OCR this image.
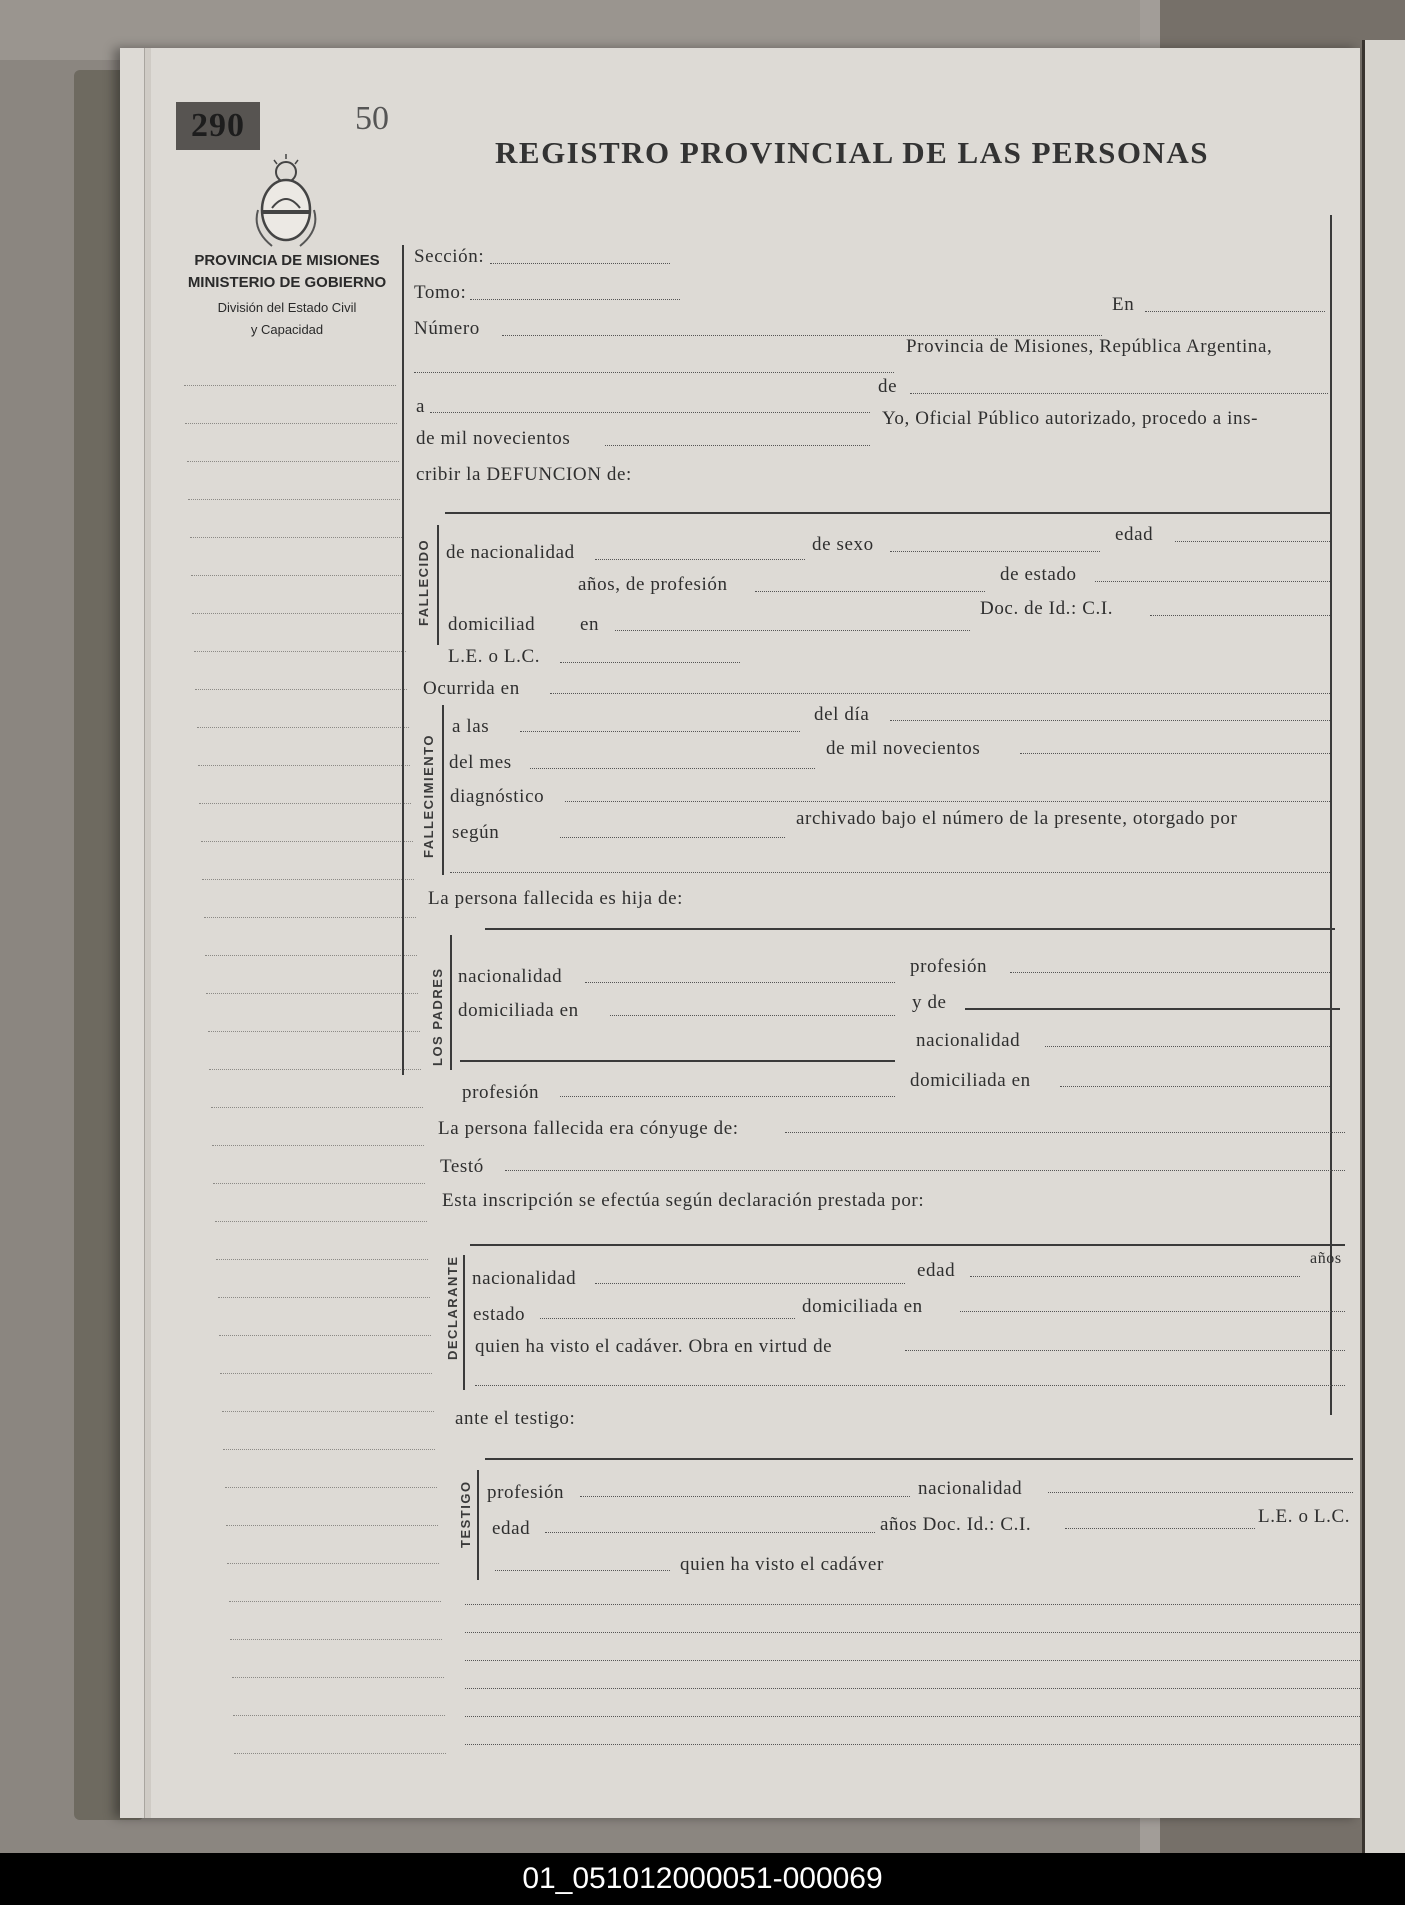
290	50
REGISTRO PROVINCIAL DE LAS PERSONAS
PROVINCIA DE MISIONES
MINISTERIO DE GOBIERNO
División del Estado Civil
y Capacidad
Sección:
Tomo:
En
Número
Provincia de Misiones, República Argentina,
a
de
de mil novecientos
Yo, Oficial Público autorizado, procedo a ins-
cribir la DEFUNCION de:
FALLECIDO de nacionalidad	de sexo	edad
años, de profesión	de estado
domiciliad en
Doc. de Id.: C.I.
L.E. o L.C.
Ocurrida en
FALLECIMIENTO
a las
del día
del mes
de mil novecientos
diagnóstico
según
archivado bajo el número de la presente, otorgado por
La persona fallecida es hija de:
LOS PADRES nacionalidad	profesión
domiciliada en	y de
nacionalidad
profesión
domiciliada en
La persona fallecida era cónyuge de:
Testó
Esta inscripción se efectúa según declaración prestada por:
DECLARANTE	años
nacionalidad	edad
estado	domiciliada en
quien ha visto el cadáver. Obra en virtud de
ante el testigo:
TESTIGO profesión	nacionalidad
edad	años Doc. Id.: C.I.	L.E. o L.C.
quien ha visto el cadáver
01_051012000051-000069
